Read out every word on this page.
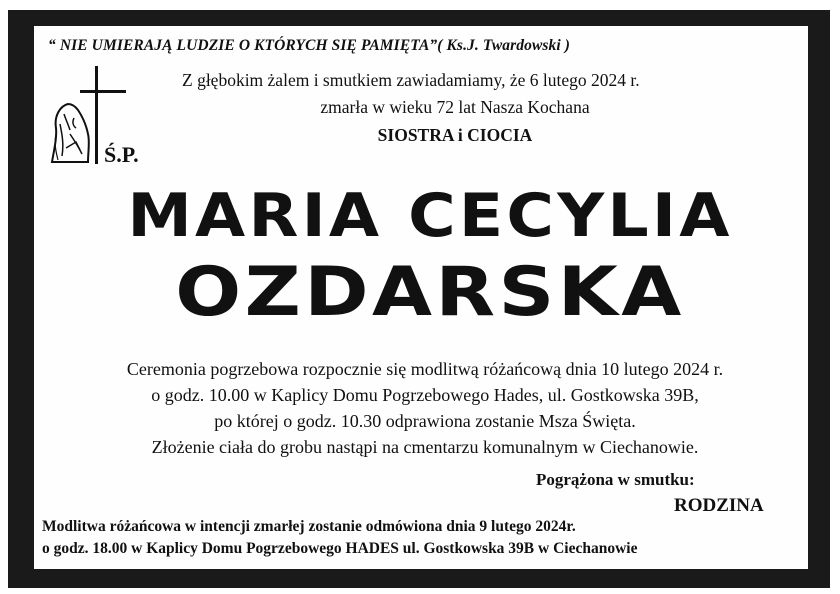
“ NIE UMIERAJĄ LUDZIE O KTÓRYCH SIĘ PAMIĘTA”( Ks.J. Twardowski )
Ś.P.
Z głębokim żalem i smutkiem zawiadamiamy, że 6 lutego 2024 r.
zmarła w wieku 72 lat Nasza Kochana
SIOSTRA i CIOCIA
MARIA CECYLIA
OZDARSKA
Ceremonia pogrzebowa rozpocznie się modlitwą różańcową dnia 10 lutego 2024 r.
o godz. 10.00 w Kaplicy Domu Pogrzebowego Hades, ul. Gostkowska 39B,
po której o godz. 10.30 odprawiona zostanie Msza Święta.
Złożenie ciała do grobu nastąpi na cmentarzu komunalnym w Ciechanowie.
Pogrążona w smutku:
RODZINA
Modlitwa różańcowa w intencji zmarłej zostanie odmówiona dnia 9 lutego 2024r.
o godz. 18.00 w Kaplicy Domu Pogrzebowego HADES ul. Gostkowska 39B w Ciechanowie
